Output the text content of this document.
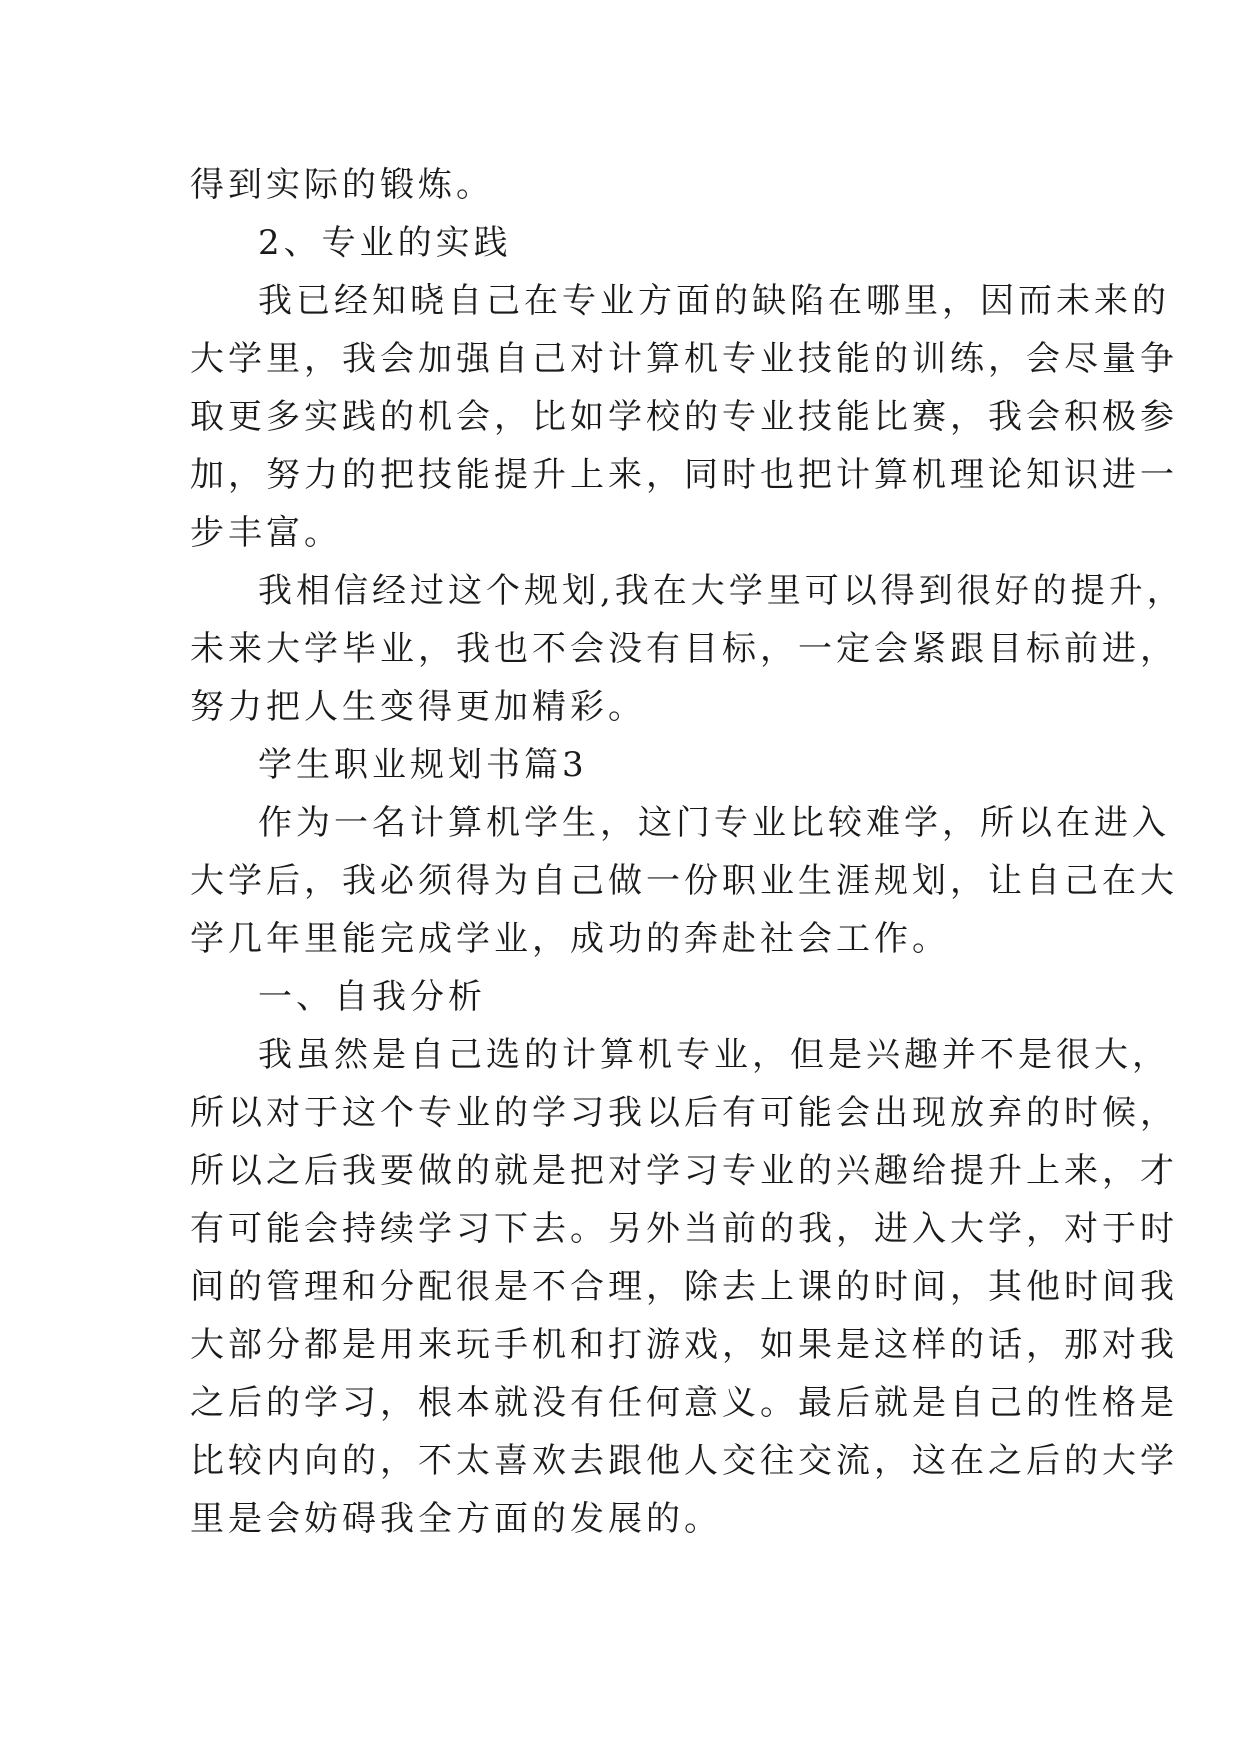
得到实际的锻炼。

2、专业的实践

我已经知晓自己在专业方面的缺陷在哪里，因而未来的

大学里，我会加强自己对计算机专业技能的训练，会尽量争

取更多实践的机会，比如学校的专业技能比赛，我会积极参

加，努力的把技能提升上来，同时也把计算机理论知识进一

步丰富。

我相信经过这个规划,我在大学里可以得到很好的提升，

未来大学毕业，我也不会没有目标，一定会紧跟目标前进，

努力把人生变得更加精彩。

学生职业规划书篇3

作为一名计算机学生，这门专业比较难学，所以在进入

大学后，我必须得为自己做一份职业生涯规划，让自己在大

学几年里能完成学业，成功的奔赴社会工作。

一、自我分析

我虽然是自己选的计算机专业，但是兴趣并不是很大，

所以对于这个专业的学习我以后有可能会出现放弃的时候，

所以之后我要做的就是把对学习专业的兴趣给提升上来，才

有可能会持续学习下去。另外当前的我，进入大学，对于时

间的管理和分配很是不合理，除去上课的时间，其他时间我

大部分都是用来玩手机和打游戏，如果是这样的话，那对我

之后的学习，根本就没有任何意义。最后就是自己的性格是

比较内向的，不太喜欢去跟他人交往交流，这在之后的大学

里是会妨碍我全方面的发展的。
